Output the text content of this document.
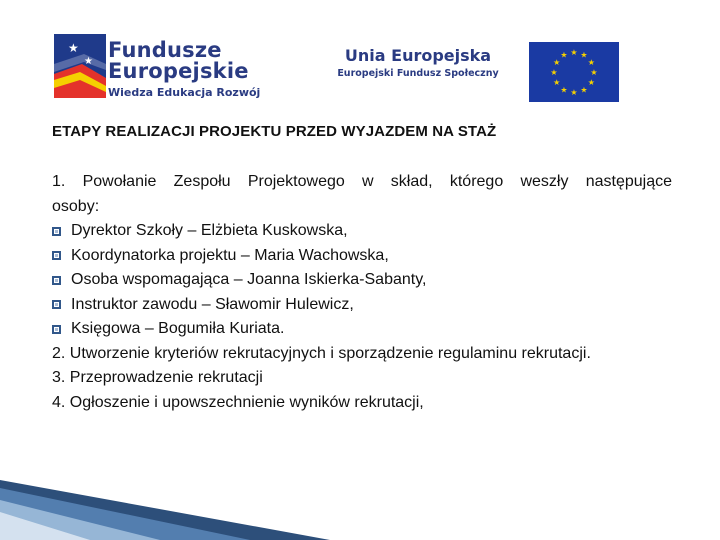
★
★ Fundusze
Europejskie
Wiedza Edukacja Rozwój
Unia Europejska
Europejski Fundusz Społeczny
★ ★
★
★
★
★
★
★
★
★
★
★
ETAPY REALIZACJI PROJEKTU PRZED WYJAZDEM NA STAŻ
1. Powołanie Zespołu Projektowego w skład, którego weszły następujące
osoby:
Dyrektor Szkoły – Elżbieta Kuskowska,
Koordynatorka projektu – Maria Wachowska,
Osoba wspomagająca – Joanna Iskierka-Sabanty,
Instruktor zawodu – Sławomir Hulewicz,
Księgowa – Bogumiła Kuriata.
2. Utworzenie kryteriów rekrutacyjnych i sporządzenie regulaminu rekrutacji.
3. Przeprowadzenie rekrutacji
4. Ogłoszenie i upowszechnienie wyników rekrutacji,
